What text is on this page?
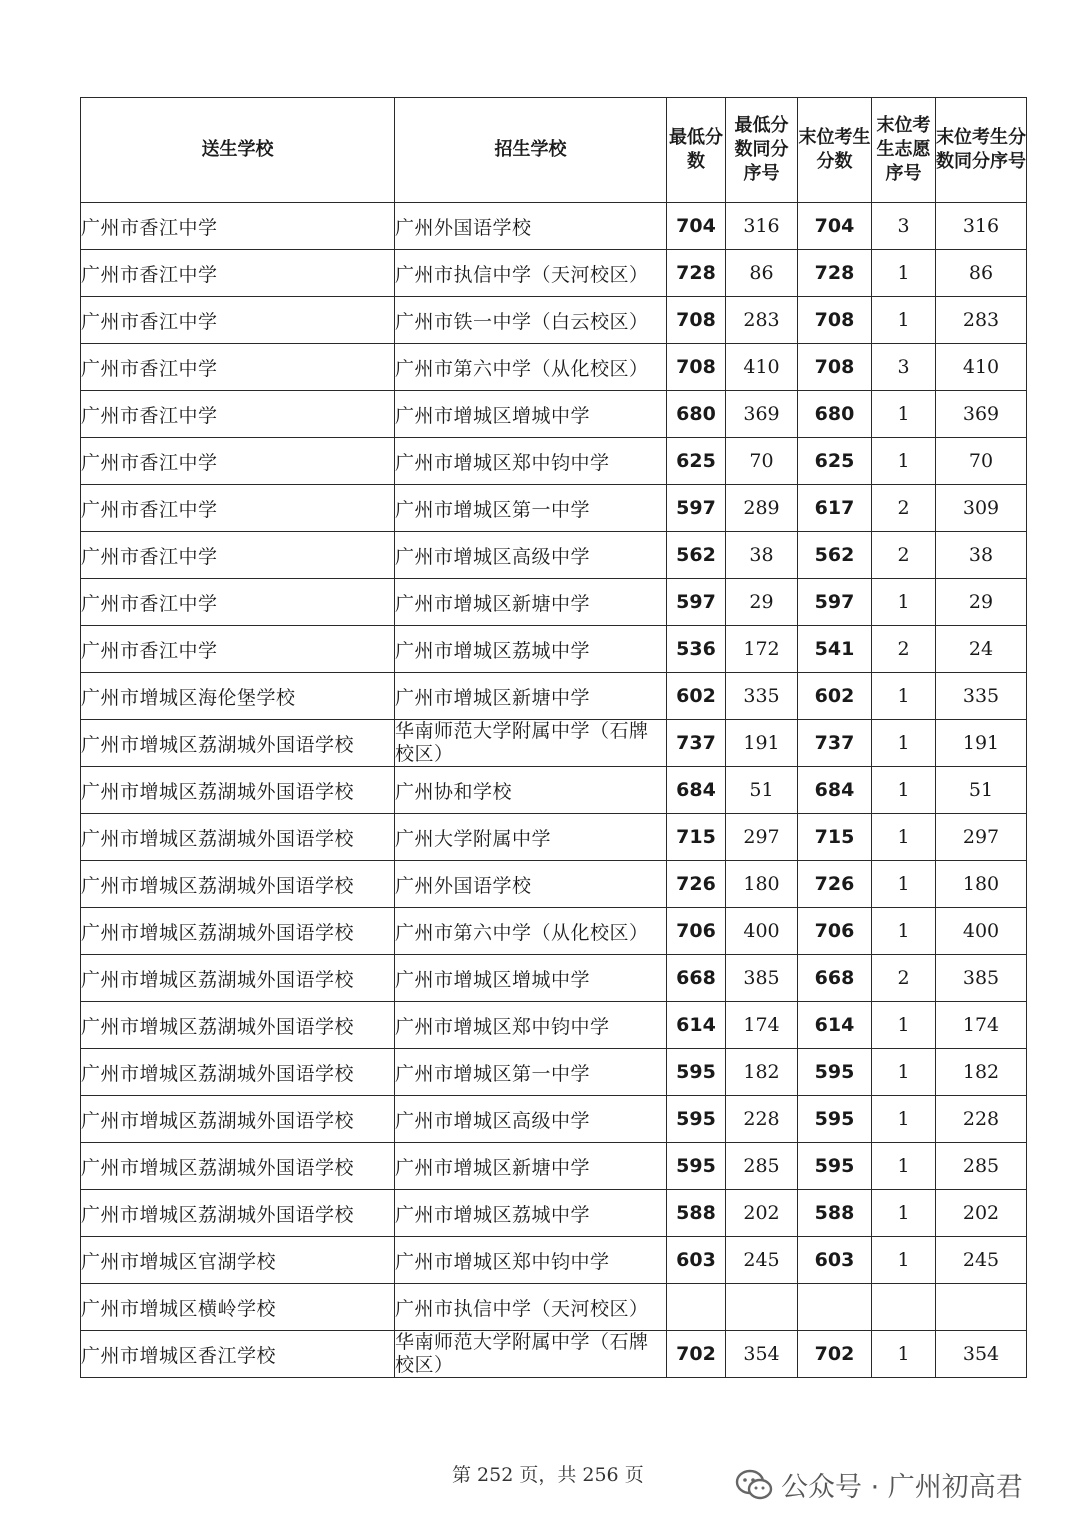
送生学校	招生学校	最低分数	最低分数同分序号	末位考生分数	末位考生志愿序号	末位考生分数同分序号
广州市香江中学	广州外国语学校	704	316	704	3	316
广州市香江中学	广州市执信中学（天河校区）	728	86	728	1	86
广州市香江中学	广州市铁一中学（白云校区）	708	283	708	1	283
广州市香江中学	广州市第六中学（从化校区）	708	410	708	3	410
广州市香江中学	广州市增城区增城中学	680	369	680	1	369
广州市香江中学	广州市增城区郑中钧中学	625	70	625	1	70
广州市香江中学	广州市增城区第一中学	597	289	617	2	309
广州市香江中学	广州市增城区高级中学	562	38	562	2	38
广州市香江中学	广州市增城区新塘中学	597	29	597	1	29
广州市香江中学	广州市增城区荔城中学	536	172	541	2	24
广州市增城区海伦堡学校	广州市增城区新塘中学	602	335	602	1	335
广州市增城区荔湖城外国语学校	华南师范大学附属中学（石牌校区）	737	191	737	1	191
广州市增城区荔湖城外国语学校	广州协和学校	684	51	684	1	51
广州市增城区荔湖城外国语学校	广州大学附属中学	715	297	715	1	297
广州市增城区荔湖城外国语学校	广州外国语学校	726	180	726	1	180
广州市增城区荔湖城外国语学校	广州市第六中学（从化校区）	706	400	706	1	400
广州市增城区荔湖城外国语学校	广州市增城区增城中学	668	385	668	2	385
广州市增城区荔湖城外国语学校	广州市增城区郑中钧中学	614	174	614	1	174
广州市增城区荔湖城外国语学校	广州市增城区第一中学	595	182	595	1	182
广州市增城区荔湖城外国语学校	广州市增城区高级中学	595	228	595	1	228
广州市增城区荔湖城外国语学校	广州市增城区新塘中学	595	285	595	1	285
广州市增城区荔湖城外国语学校	广州市增城区荔城中学	588	202	588	1	202
广州市增城区官湖学校	广州市增城区郑中钧中学	603	245	603	1	245
广州市增城区横岭学校	广州市执信中学（天河校区）					
广州市增城区香江学校	华南师范大学附属中学（石牌校区）	702	354	702	1	354
第 252 页，共 256 页	公众号 · 广州初高君
